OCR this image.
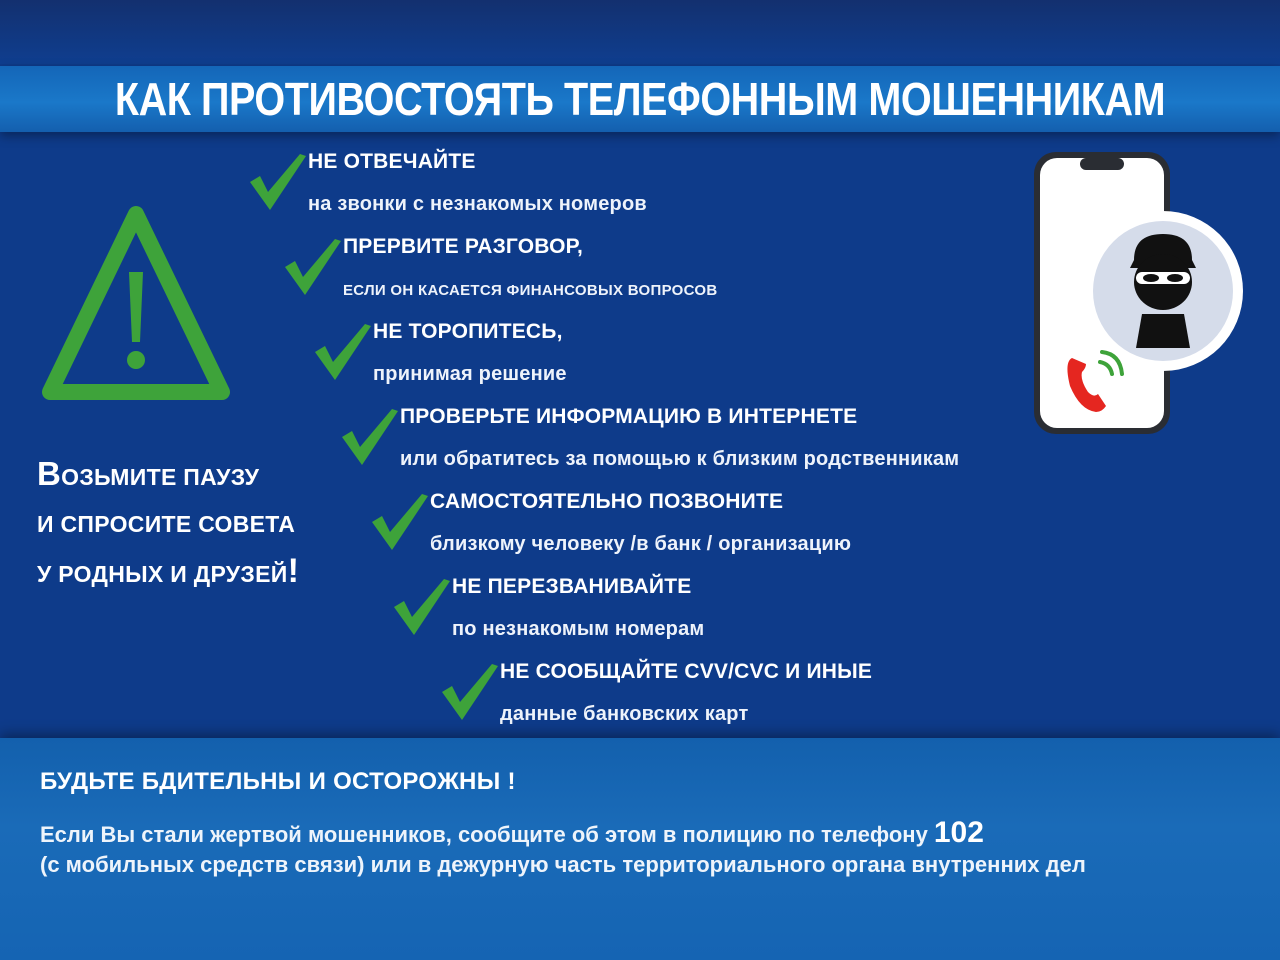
КАК ПРОТИВОСТОЯТЬ ТЕЛЕФОННЫМ МОШЕННИКАМ
ВОЗЬМИТЕ ПАУЗУ
И СПРОСИТЕ СОВЕТА
У РОДНЫХ И ДРУЗЕЙ!
НЕ ОТВЕЧАЙТЕ
на звонки с незнакомых номеров
ПРЕРВИТЕ РАЗГОВОР,
ЕСЛИ ОН КАСАЕТСЯ ФИНАНСОВЫХ ВОПРОСОВ
НЕ ТОРОПИТЕСЬ,
принимая решение
ПРОВЕРЬТЕ ИНФОРМАЦИЮ В ИНТЕРНЕТЕ
или обратитесь за помощью к близким родственникам
САМОСТОЯТЕЛЬНО ПОЗВОНИТЕ
близкому человеку /в банк / организацию
НЕ ПЕРЕЗВАНИВАЙТЕ
по незнакомым номерам
НЕ СООБЩАЙТЕ CVV/CVC И ИНЫЕ
данные банковских карт
БУДЬТЕ БДИТЕЛЬНЫ И ОСТОРОЖНЫ !
Если Вы стали жертвой мошенников, сообщите об этом в полицию по телефону 102
(с мобильных средств связи) или в дежурную часть территориального органа внутренних дел
